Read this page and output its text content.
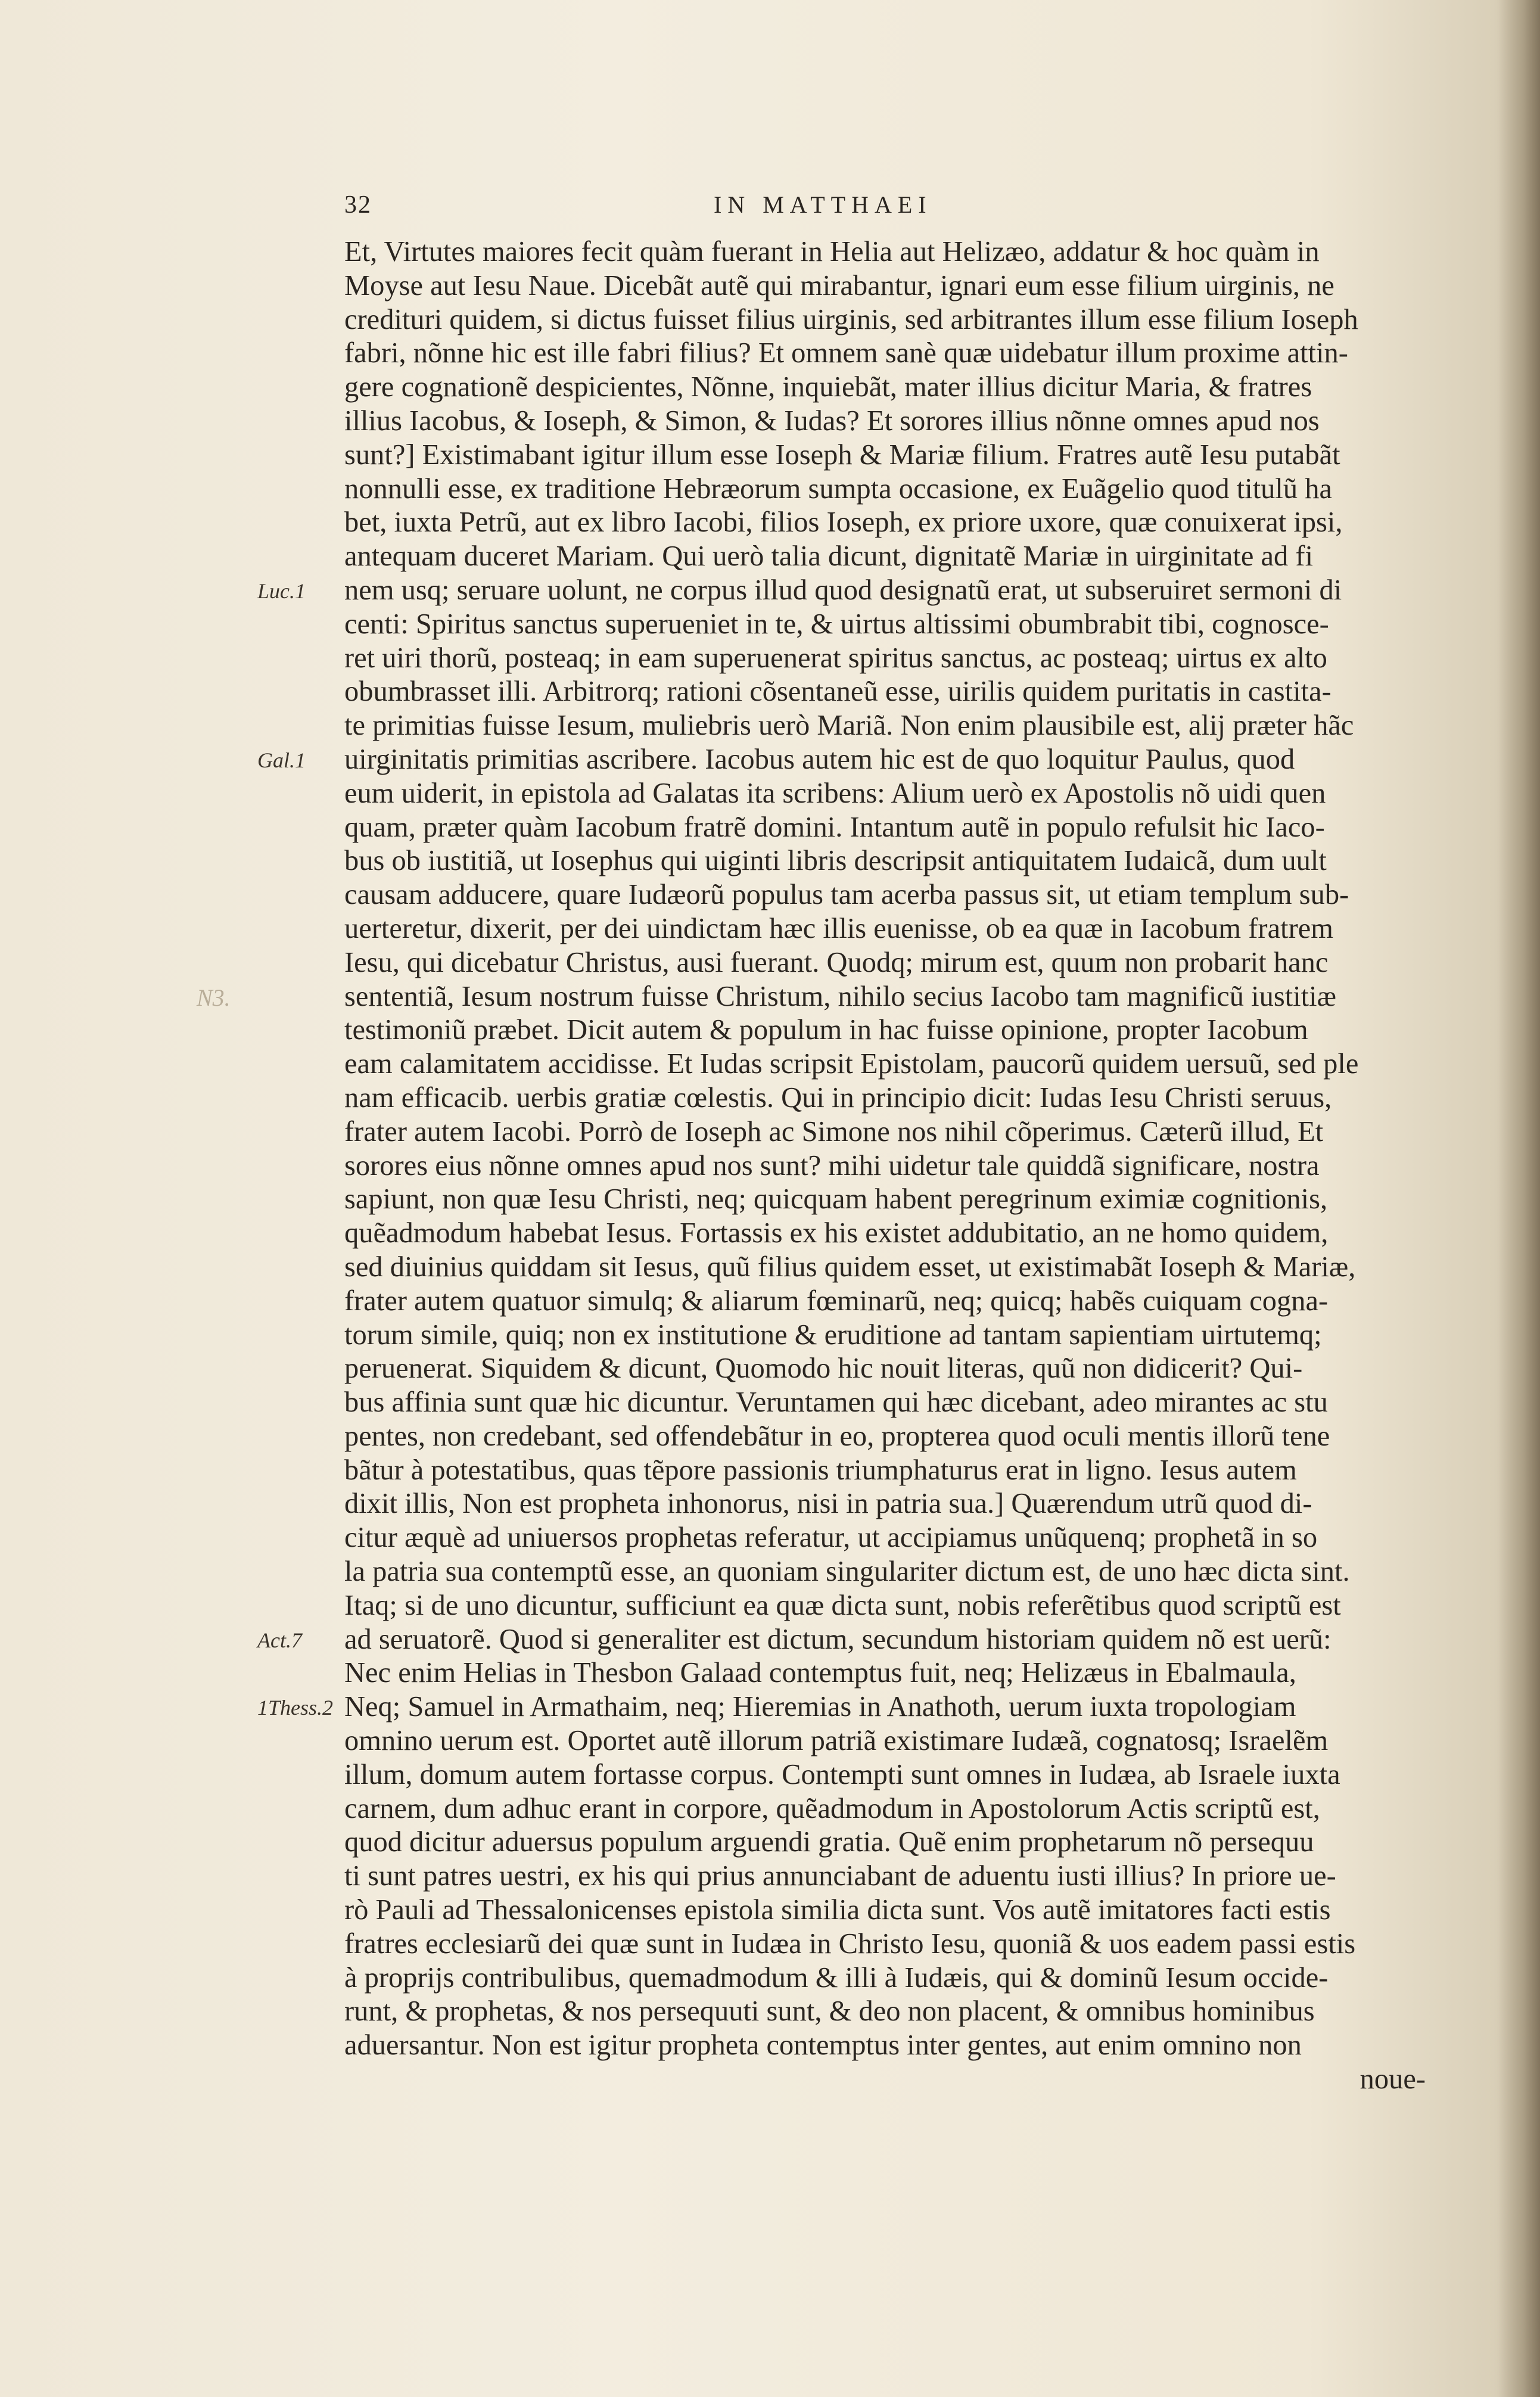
32	IN MATTHAEI
Et, Virtutes maiores fecit quàm fuerant in Helia aut Helizæo, addatur & hoc quàm in
Moyse aut Iesu Naue. Dicebãt autẽ qui mirabantur, ignari eum esse filium uirginis, ne
credituri quidem, si dictus fuisset filius uirginis, sed arbitrantes illum esse filium Ioseph
fabri, nõnne hic est ille fabri filius? Et omnem sanè quæ uidebatur illum proxime attin-
gere cognationẽ despicientes, Nõnne, inquiebãt, mater illius dicitur Maria, & fratres
illius Iacobus, & Ioseph, & Simon, & Iudas? Et sorores illius nõnne omnes apud nos
sunt?] Existimabant igitur illum esse Ioseph & Mariæ filium. Fratres autẽ Iesu putabãt
nonnulli esse, ex traditione Hebræorum sumpta occasione, ex Euãgelio quod titulũ ha
bet, iuxta Petrũ, aut ex libro Iacobi, filios Ioseph, ex priore uxore, quæ conuixerat ipsi,
antequam duceret Mariam. Qui uerò talia dicunt, dignitatẽ Mariæ in uirginitate ad fi
nem usq; seruare uolunt, ne corpus illud quod designatũ erat, ut subseruiret sermoni di
centi: Spiritus sanctus superueniet in te, & uirtus altissimi obumbrabit tibi, cognosce-
ret uiri thorũ, posteaq; in eam superuenerat spiritus sanctus, ac posteaq; uirtus ex alto
obumbrasset illi. Arbitrorq; rationi cõsentaneũ esse, uirilis quidem puritatis in castita-
te primitias fuisse Iesum, muliebris uerò Mariã. Non enim plausibile est, alij præter hãc
uirginitatis primitias ascribere. Iacobus autem hic est de quo loquitur Paulus, quod
eum uiderit, in epistola ad Galatas ita scribens: Alium uerò ex Apostolis nõ uidi quen
quam, præter quàm Iacobum fratrẽ domini. Intantum autẽ in populo refulsit hic Iaco-
bus ob iustitiã, ut Iosephus qui uiginti libris descripsit antiquitatem Iudaicã, dum uult
causam adducere, quare Iudæorũ populus tam acerba passus sit, ut etiam templum sub-
uerteretur, dixerit, per dei uindictam hæc illis euenisse, ob ea quæ in Iacobum fratrem
Iesu, qui dicebatur Christus, ausi fuerant. Quodq; mirum est, quum non probarit hanc
sententiã, Iesum nostrum fuisse Christum, nihilo secius Iacobo tam magnificũ iustitiæ
testimoniũ præbet. Dicit autem & populum in hac fuisse opinione, propter Iacobum
eam calamitatem accidisse. Et Iudas scripsit Epistolam, paucorũ quidem uersuũ, sed ple
nam efficacib. uerbis gratiæ cœlestis. Qui in principio dicit: Iudas Iesu Christi seruus,
frater autem Iacobi. Porrò de Ioseph ac Simone nos nihil cõperimus. Cæterũ illud, Et
sorores eius nõnne omnes apud nos sunt? mihi uidetur tale quiddã significare, nostra
sapiunt, non quæ Iesu Christi, neq; quicquam habent peregrinum eximiæ cognitionis,
quẽadmodum habebat Iesus. Fortassis ex his existet addubitatio, an ne homo quidem,
sed diuinius quiddam sit Iesus, quũ filius quidem esset, ut existimabãt Ioseph & Mariæ,
frater autem quatuor simulq; & aliarum fœminarũ, neq; quicq; habẽs cuiquam cogna-
torum simile, quiq; non ex institutione & eruditione ad tantam sapientiam uirtutemq;
peruenerat. Siquidem & dicunt, Quomodo hic nouit literas, quũ non didicerit? Qui-
bus affinia sunt quæ hic dicuntur. Veruntamen qui hæc dicebant, adeo mirantes ac stu
pentes, non credebant, sed offendebãtur in eo, propterea quod oculi mentis illorũ tene
bãtur à potestatibus, quas tẽpore passionis triumphaturus erat in ligno. Iesus autem
dixit illis, Non est propheta inhonorus, nisi in patria sua.] Quærendum utrũ quod di-
citur æquè ad uniuersos prophetas referatur, ut accipiamus unũquenq; prophetã in so
la patria sua contemptũ esse, an quoniam singulariter dictum est, de uno hæc dicta sint.
Itaq; si de uno dicuntur, sufficiunt ea quæ dicta sunt, nobis referẽtibus quod scriptũ est
ad seruatorẽ. Quod si generaliter est dictum, secundum historiam quidem nõ est uerũ:
Nec enim Helias in Thesbon Galaad contemptus fuit, neq; Helizæus in Ebalmaula,
Neq; Samuel in Armathaim, neq; Hieremias in Anathoth, uerum iuxta tropologiam
omnino uerum est. Oportet autẽ illorum patriã existimare Iudæã, cognatosq; Israelẽm
illum, domum autem fortasse corpus. Contempti sunt omnes in Iudæa, ab Israele iuxta
carnem, dum adhuc erant in corpore, quẽadmodum in Apostolorum Actis scriptũ est,
quod dicitur aduersus populum arguendi gratia. Quẽ enim prophetarum nõ persequu
ti sunt patres uestri, ex his qui prius annunciabant de aduentu iusti illius? In priore ue-
rò Pauli ad Thessalonicenses epistola similia dicta sunt. Vos autẽ imitatores facti estis
fratres ecclesiarũ dei quæ sunt in Iudæa in Christo Iesu, quoniã & uos eadem passi estis
à proprijs contribulibus, quemadmodum & illi à Iudæis, qui & dominũ Iesum occide-
runt, & prophetas, & nos persequuti sunt, & deo non placent, & omnibus hominibus
aduersantur. Non est igitur propheta contemptus inter gentes, aut enim omnino non
noue-
Luc.1
Gal.1
Act.7
1Thess.2
N3.
